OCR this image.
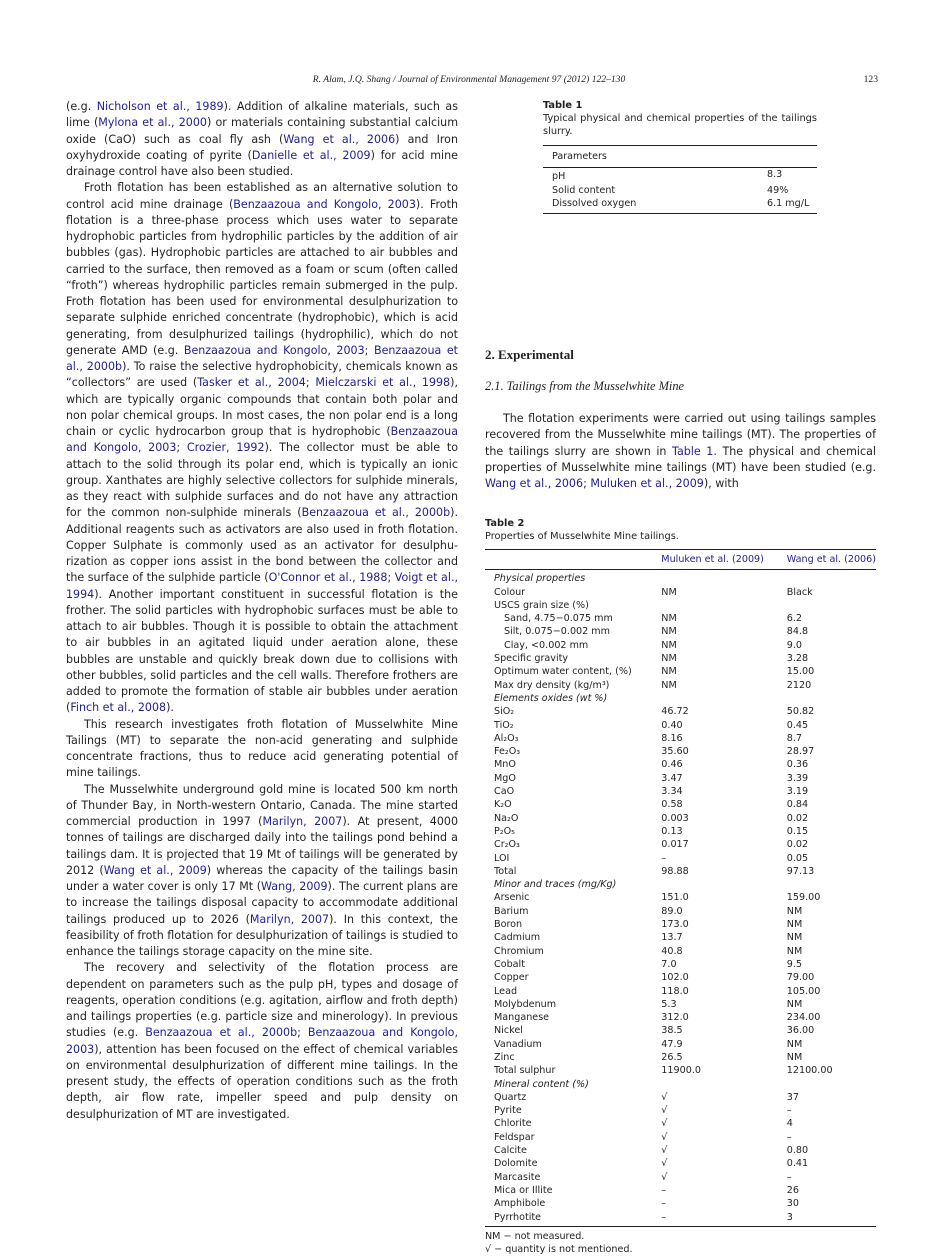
R. Alam, J.Q. Shang / Journal of Environmental Management 97 (2012) 122–130	123

(e.g. Nicholson et al., 1989). Addition of alkaline materials, such as lime (Mylona et al., 2000) or materials containing substantial calcium oxide (CaO) such as coal fly ash (Wang et al., 2006) and Iron oxyhydroxide coating of pyrite (Danielle et al., 2009) for acid mine drainage control have also been studied.

Froth flotation has been established as an alternative solution to control acid mine drainage (Benzaazoua and Kongolo, 2003). Froth flotation is a three-phase process which uses water to separate hydrophobic particles from hydrophilic particles by the addition of air bubbles (gas). Hydrophobic particles are attached to air bubbles and carried to the surface, then removed as a foam or scum (often called “froth”) whereas hydrophilic particles remain submerged in the pulp. Froth flotation has been used for environmental desulphurization to separate sulphide enriched concentrate (hydrophobic), which is acid generating, from desulphurized tailings (hydrophilic), which do not generate AMD (e.g. Benzaazoua and Kongolo, 2003; Benzaazoua et al., 2000b). To raise the selective hydrophobicity, chemicals known as “collectors” are used (Tasker et al., 2004; Mielczarski et al., 1998), which are typically organic compounds that contain both polar and non polar chemical groups. In most cases, the non polar end is a long chain or cyclic hydrocarbon group that is hydrophobic (Benzaazoua and Kongolo, 2003; Crozier, 1992). The collector must be able to attach to the solid through its polar end, which is typically an ionic group. Xanthates are highly selective collectors for sulphide minerals, as they react with sulphide surfaces and do not have any attraction for the common non-sulphide minerals (Benzaazoua et al., 2000b). Additional reagents such as activators are also used in froth flotation. Copper Sulphate is commonly used as an activator for desulphurization as copper ions assist in the bond between the collector and the surface of the sulphide particle (O'Connor et al., 1988; Voigt et al., 1994). Another important constituent in successful flotation is the frother. The solid particles with hydrophobic surfaces must be able to attach to air bubbles. Though it is possible to obtain the attachment to air bubbles in an agitated liquid under aeration alone, these bubbles are unstable and quickly break down due to collisions with other bubbles, solid particles and the cell walls. Therefore frothers are added to promote the formation of stable air bubbles under aeration (Finch et al., 2008).

This research investigates froth flotation of Musselwhite Mine Tailings (MT) to separate the non-acid generating and sulphide concentrate fractions, thus to reduce acid generating potential of mine tailings.

The Musselwhite underground gold mine is located 500 km north of Thunder Bay, in North-western Ontario, Canada. The mine started commercial production in 1997 (Marilyn, 2007). At present, 4000 tonnes of tailings are discharged daily into the tailings pond behind a tailings dam. It is projected that 19 Mt of tailings will be generated by 2012 (Wang et al., 2009) whereas the capacity of the tailings basin under a water cover is only 17 Mt (Wang, 2009). The current plans are to increase the tailings disposal capacity to accommodate additional tailings produced up to 2026 (Marilyn, 2007). In this context, the feasibility of froth flotation for desulphurization of tailings is studied to enhance the tailings storage capacity on the mine site.

The recovery and selectivity of the flotation process are dependent on parameters such as the pulp pH, types and dosage of reagents, operation conditions (e.g. agitation, airflow and froth depth) and tailings properties (e.g. particle size and minerology). In previous studies (e.g. Benzaazoua et al., 2000b; Benzaazoua and Kongolo, 2003), attention has been focused on the effect of chemical variables on environmental desulphurization of different mine tailings. In the present study, the effects of operation conditions such as the froth depth, air flow rate, impeller speed and pulp density on desulphurization of MT are investigated.

Table 1
Typical physical and chemical properties of the tailings slurry.
Parameters	
pH	8.3
Solid content	49%
Dissolved oxygen	6.1 mg/L
2. Experimental
2.1. Tailings from the Musselwhite Mine

The flotation experiments were carried out using tailings samples recovered from the Musselwhite mine tailings (MT). The properties of the tailings slurry are shown in Table 1. The physical and chemical properties of Musselwhite mine tailings (MT) have been studied (e.g. Wang et al., 2006; Muluken et al., 2009), with

Table 2
Properties of Musselwhite Mine tailings.
	Muluken et al. (2009)	Wang et al. (2006)
Physical properties		
Colour	NM	Black
USCS grain size (%)		
Sand, 4.75−0.075 mm	NM	6.2
Silt, 0.075−0.002 mm	NM	84.8
Clay, <0.002 mm	NM	9.0
Specific gravity	NM	3.28
Optimum water content, (%)	NM	15.00
Max dry density (kg/m³)	NM	2120
Elements oxides (wt %)		
SiO₂	46.72	50.82
TiO₂	0.40	0.45
Al₂O₃	8.16	8.7
Fe₂O₃	35.60	28.97
MnO	0.46	0.36
MgO	3.47	3.39
CaO	3.34	3.19
K₂O	0.58	0.84
Na₂O	0.003	0.02
P₂O₅	0.13	0.15
Cr₂O₃	0.017	0.02
LOI	–	0.05
Total	98.88	97.13
Minor and traces (mg/Kg)		
Arsenic	151.0	159.00
Barium	89.0	NM
Boron	173.0	NM
Cadmium	13.7	NM
Chromium	40.8	NM
Cobalt	7.0	9.5
Copper	102.0	79.00
Lead	118.0	105.00
Molybdenum	5.3	NM
Manganese	312.0	234.00
Nickel	38.5	36.00
Vanadium	47.9	NM
Zinc	26.5	NM
Total sulphur	11900.0	12100.00
Mineral content (%)		
Quartz	√	37
Pyrite	√	–
Chlorite	√	4
Feldspar	√	–
Calcite	√	0.80
Dolomite	√	0.41
Marcasite	√	–
Mica or Illite	–	26
Amphibole	–	30
Pyrrhotite	–	3
NM − not measured.
√ − quantity is not mentioned.
